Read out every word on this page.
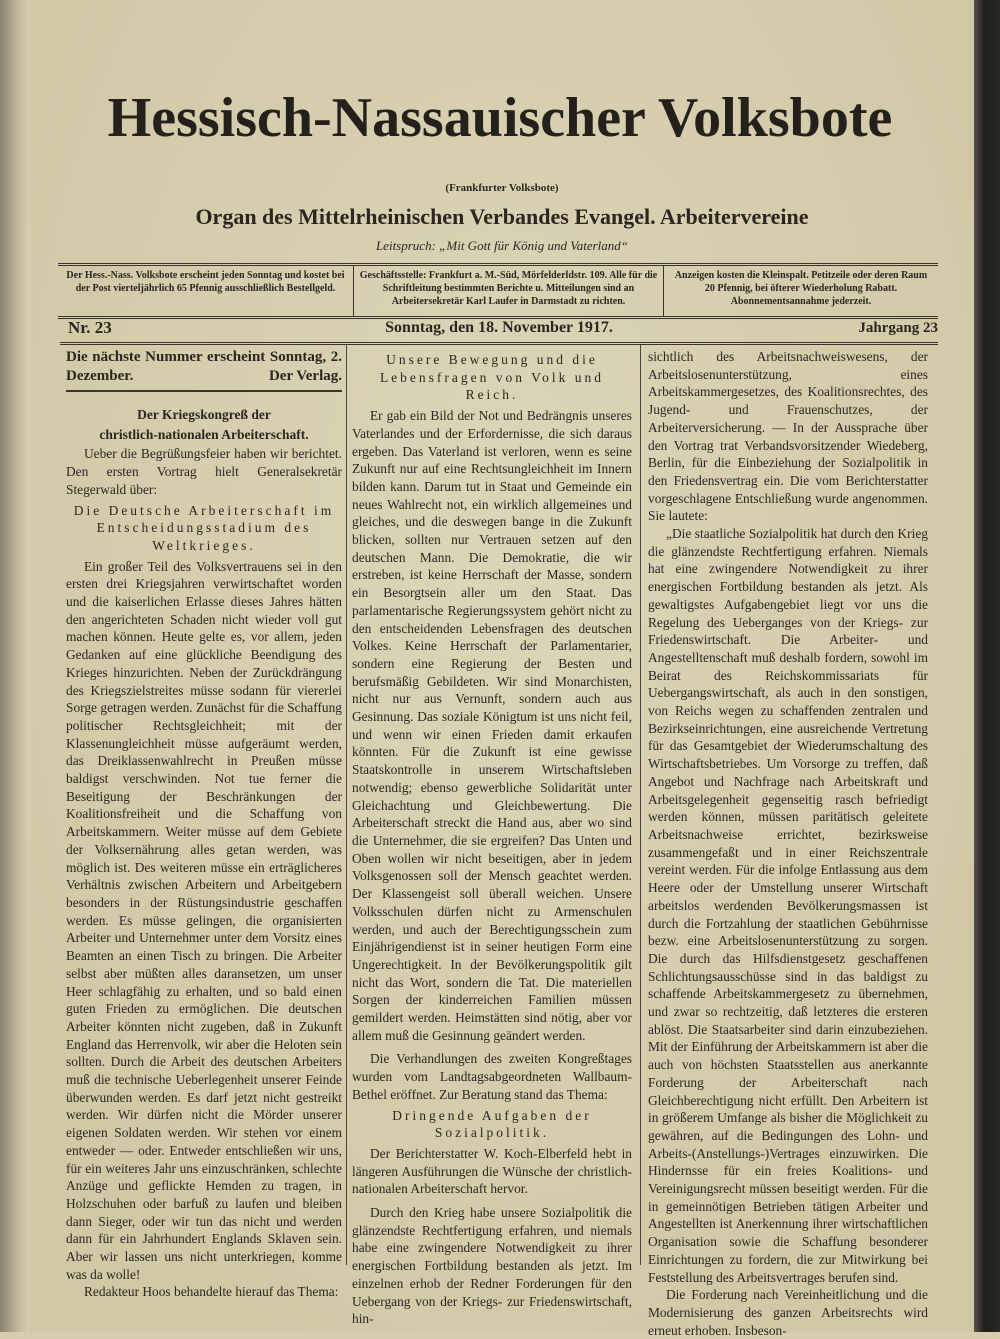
Hessisch-Nassauischer Volksbote
(Frankfurter Volksbote)
Organ des Mittelrheinischen Verbandes Evangel. Arbeitervereine
Leitspruch: „Mit Gott für König und Vaterland“
Der Hess.-Nass. Volksbote erscheint jeden Sonntag und kostet bei der Post vierteljährlich 65 Pfennig ausschließlich Bestellgeld.
Geschäftsstelle: Frankfurt a. M.-Süd, Mörfelderldstr. 109. Alle für die Schriftleitung bestimmten Berichte u. Mitteilungen sind an Arbeitersekretär Karl Laufer in Darmstadt zu richten.
Anzeigen kosten die Kleinspalt. Petitzeile oder deren Raum 20 Pfennig, bei öfterer Wiederholung Rabatt. Abonnementsannahme jederzeit.
Nr. 23	Sonntag, den 18. November 1917.	Jahrgang 23

Die nächste Nummer erscheint Sonntag, 2. Dezember.	Der Verlag.

Der Kriegskongreß der

christlich-nationalen Arbeiterschaft.

Ueber die Begrüßungsfeier haben wir berichtet. Den ersten Vortrag hielt Generalsekretär Stegerwald über:

Die Deutsche Arbeiterschaft im Entscheidungsstadium des Weltkrieges.

Ein großer Teil des Volksvertrauens sei in den ersten drei Kriegsjahren verwirtschaftet worden und die kaiserlichen Erlasse dieses Jahres hätten den angerichteten Schaden nicht wieder voll gut machen können. Heute gelte es, vor allem, jeden Gedanken auf eine glückliche Beendigung des Krieges hinzurichten. Neben der Zurückdrängung des Kriegszielstreites müsse sodann für viererlei Sorge getragen werden. Zunächst für die Schaffung politischer Rechtsgleichheit; mit der Klassenungleichheit müsse aufgeräumt werden, das Dreiklassenwahlrecht in Preußen müsse baldigst verschwinden. Not tue ferner die Beseitigung der Beschränkungen der Koalitionsfreiheit und die Schaffung von Arbeitskammern. Weiter müsse auf dem Gebiete der Volksernährung alles getan werden, was möglich ist. Des weiteren müsse ein erträglicheres Verhältnis zwischen Arbeitern und Arbeitgebern besonders in der Rüstungsindustrie geschaffen werden. Es müsse gelingen, die organisierten Arbeiter und Unternehmer unter dem Vorsitz eines Beamten an einen Tisch zu bringen. Die Arbeiter selbst aber müßten alles daransetzen, um unser Heer schlagfähig zu erhalten, und so bald einen guten Frieden zu ermöglichen. Die deutschen Arbeiter könnten nicht zugeben, daß in Zukunft England das Herrenvolk, wir aber die Heloten sein sollten. Durch die Arbeit des deutschen Arbeiters muß die technische Ueberlegenheit unserer Feinde überwunden werden. Es darf jetzt nicht gestreikt werden. Wir dürfen nicht die Mörder unserer eigenen Soldaten werden. Wir stehen vor einem entweder — oder. Entweder entschließen wir uns, für ein weiteres Jahr uns einzuschränken, schlechte Anzüge und geflickte Hemden zu tragen, in Holzschuhen oder barfuß zu laufen und bleiben dann Sieger, oder wir tun das nicht und werden dann für ein Jahrhundert Englands Sklaven sein. Aber wir lassen uns nicht unterkriegen, komme was da wolle!

Redakteur Hoos behandelte hierauf das Thema:

Unsere Bewegung und die Lebensfragen von Volk und Reich.

Er gab ein Bild der Not und Bedrängnis unseres Vaterlandes und der Erfordernisse, die sich daraus ergeben. Das Vaterland ist verloren, wenn es seine Zukunft nur auf eine Rechtsungleichheit im Innern bilden kann. Darum tut in Staat und Gemeinde ein neues Wahlrecht not, ein wirklich allgemeines und gleiches, und die deswegen bange in die Zukunft blicken, sollten nur Vertrauen setzen auf den deutschen Mann. Die Demokratie, die wir erstreben, ist keine Herrschaft der Masse, sondern ein Besorgtsein aller um den Staat. Das parlamentarische Regierungssystem gehört nicht zu den entscheidenden Lebensfragen des deutschen Volkes. Keine Herrschaft der Parlamentarier, sondern eine Regierung der Besten und berufsmäßig Gebildeten. Wir sind Monarchisten, nicht nur aus Vernunft, sondern auch aus Gesinnung. Das soziale Königtum ist uns nicht feil, und wenn wir einen Frieden damit erkaufen könnten. Für die Zukunft ist eine gewisse Staatskontrolle in unserem Wirtschaftsleben notwendig; ebenso gewerbliche Solidarität unter Gleichachtung und Gleichbewertung. Die Arbeiterschaft streckt die Hand aus, aber wo sind die Unternehmer, die sie ergreifen? Das Unten und Oben wollen wir nicht beseitigen, aber in jedem Volksgenossen soll der Mensch geachtet werden. Der Klassengeist soll überall weichen. Unsere Volksschulen dürfen nicht zu Armenschulen werden, und auch der Berechtigungsschein zum Einjährigendienst ist in seiner heutigen Form eine Ungerechtigkeit. In der Bevölkerungspolitik gilt nicht das Wort, sondern die Tat. Die materiellen Sorgen der kinderreichen Familien müssen gemildert werden. Heimstätten sind nötig, aber vor allem muß die Gesinnung geändert werden.

Die Verhandlungen des zweiten Kongreßtages wurden vom Landtagsabgeordneten Wallbaum-Bethel eröffnet. Zur Beratung stand das Thema:

Dringende Aufgaben der Sozialpolitik.

Der Berichterstatter W. Koch-Elberfeld hebt in längeren Ausführungen die Wünsche der christlich-nationalen Arbeiterschaft hervor.

Durch den Krieg habe unsere Sozialpolitik die glänzendste Rechtfertigung erfahren, und niemals habe eine zwingendere Notwendigkeit zu ihrer energischen Fortbildung bestanden als jetzt. Im einzelnen erhob der Redner Forderungen für den Uebergang von der Kriegs- zur Friedenswirtschaft, hin-

sichtlich des Arbeitsnachweiswesens, der Arbeitslosenunterstützung, eines Arbeitskammergesetzes, des Koalitionsrechtes, des Jugend- und Frauenschutzes, der Arbeiterversicherung. — In der Aussprache über den Vortrag trat Verbandsvorsitzender Wiedeberg, Berlin, für die Einbeziehung der Sozialpolitik in den Friedensvertrag ein. Die vom Berichterstatter vorgeschlagene Entschließung wurde angenommen. Sie lautete:

„Die staatliche Sozialpolitik hat durch den Krieg die glänzendste Rechtfertigung erfahren. Niemals hat eine zwingendere Notwendigkeit zu ihrer energischen Fortbildung bestanden als jetzt. Als gewaltigstes Aufgabengebiet liegt vor uns die Regelung des Ueberganges von der Kriegs- zur Friedenswirtschaft. Die Arbeiter- und Angestelltenschaft muß deshalb fordern, sowohl im Beirat des Reichskommissariats für Uebergangswirtschaft, als auch in den sonstigen, von Reichs wegen zu schaffenden zentralen und Bezirkseinrichtungen, eine ausreichende Vertretung für das Gesamtgebiet der Wiederumschaltung des Wirtschaftsbetriebes. Um Vorsorge zu treffen, daß Angebot und Nachfrage nach Arbeitskraft und Arbeitsgelegenheit gegenseitig rasch befriedigt werden können, müssen paritätisch geleitete Arbeitsnachweise errichtet, bezirksweise zusammengefaßt und in einer Reichszentrale vereint werden. Für die infolge Entlassung aus dem Heere oder der Umstellung unserer Wirtschaft arbeitslos werdenden Bevölkerungsmassen ist durch die Fortzahlung der staatlichen Gebührnisse bezw. eine Arbeitslosenunterstützung zu sorgen. Die durch das Hilfsdienstgesetz geschaffenen Schlichtungsausschüsse sind in das baldigst zu schaffende Arbeitskammergesetz zu übernehmen, und zwar so rechtzeitig, daß letzteres die ersteren ablöst. Die Staatsarbeiter sind darin einzubeziehen. Mit der Einführung der Arbeitskammern ist aber die auch von höchsten Staatsstellen aus anerkannte Forderung der Arbeiterschaft nach Gleichberechtigung nicht erfüllt. Den Arbeitern ist in größerem Umfange als bisher die Möglichkeit zu gewähren, auf die Bedingungen des Lohn- und Arbeits-(Anstellungs-)Vertrages einzuwirken. Die Hindernsse für ein freies Koalitions- und Vereinigungsrecht müssen beseitigt werden. Für die in gemeinnötigen Betrieben tätigen Arbeiter und Angestellten ist Anerkennung ihrer wirtschaftlichen Organisation sowie die Schaffung besonderer Einrichtungen zu fordern, die zur Mitwirkung bei Feststellung des Arbeitsvertrages berufen sind.

Die Forderung nach Vereinheitlichung und die Modernisierung des ganzen Arbeitsrechts wird erneut erhoben. Insbeson-
